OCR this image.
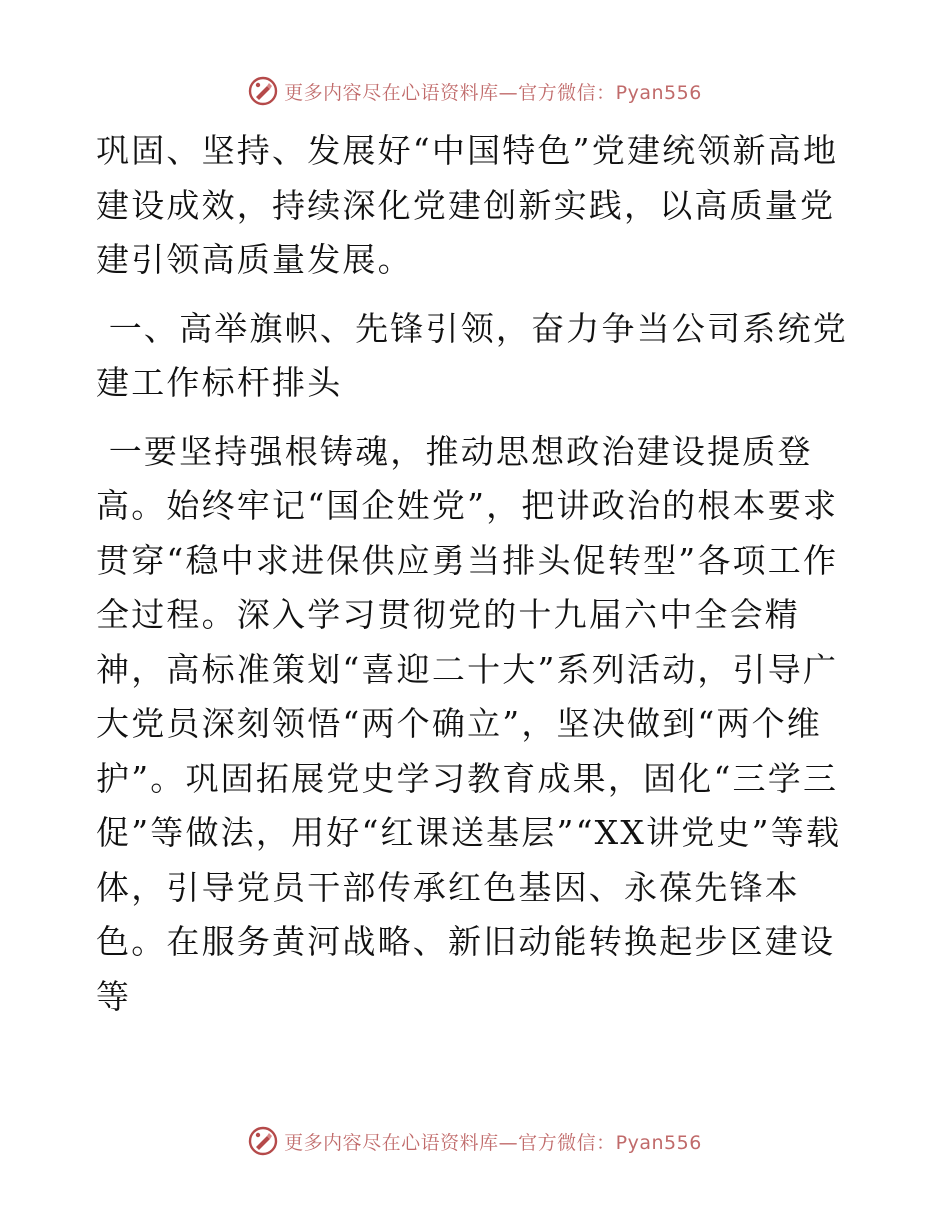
更多内容尽在心语资料库—官方微信：Pyan556

巩固、坚持、发展好“中国特色”党建统领新高地建设成效，持续深化党建创新实践，以高质量党建引领高质量发展。

一、高举旗帜、先锋引领，奋力争当公司系统党建工作标杆排头

一要坚持强根铸魂，推动思想政治建设提质登高。始终牢记“国企姓党”，把讲政治的根本要求贯穿“稳中求进保供应勇当排头促转型”各项工作全过程。深入学习贯彻党的十九届六中全会精神，高标准策划“喜迎二十大”系列活动，引导广大党员深刻领悟“两个确立”，坚决做到“两个维护”。巩固拓展党史学习教育成果，固化“三学三促”等做法，用好“红课送基层”“XX讲党史”等载体，引导党员干部传承红色基因、永葆先锋本色。在服务黄河战略、新旧动能转换起步区建设等

更多内容尽在心语资料库—官方微信：Pyan556
